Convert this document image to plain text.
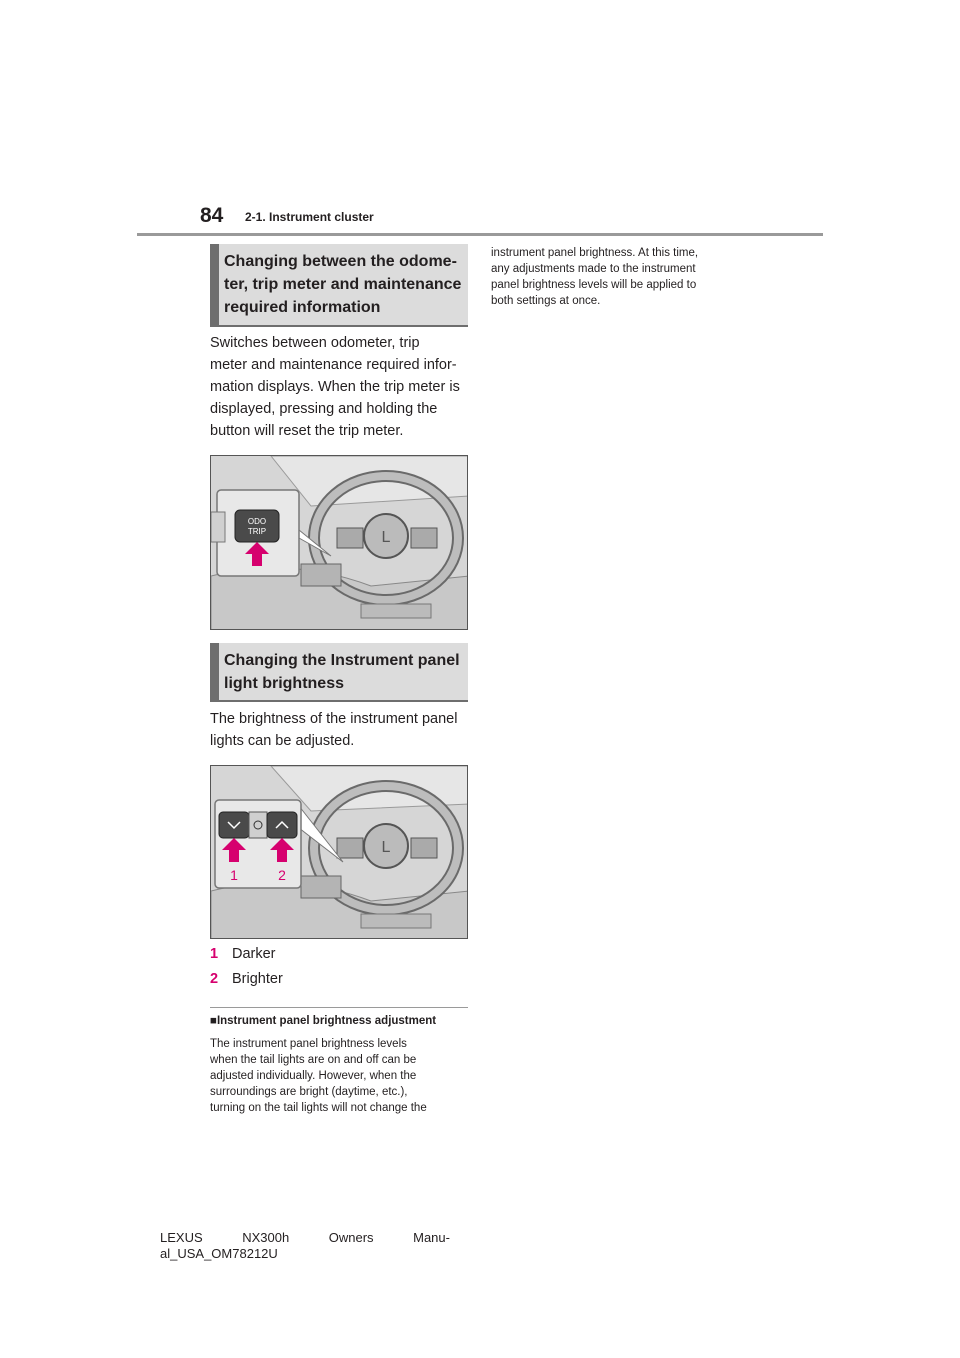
84 2-1. Instrument cluster
Changing between the odome-
ter, trip meter and maintenance
required information
Switches between odometer, trip
meter and maintenance required infor-
mation displays. When the trip meter is
displayed, pressing and holding the
button will reset the trip meter.
L
ODO
TRIP
Changing the Instrument panel
light brightness
The brightness of the instrument panel
lights can be adjusted.
L
1	2
1 Darker
2 Brighter
■Instrument panel brightness adjustment
The instrument panel brightness levels
when the tail lights are on and off can be
adjusted individually. However, when the
surroundings are bright (daytime, etc.),
turning on the tail lights will not change the
instrument panel brightness. At this time,
any adjustments made to the instrument
panel brightness levels will be applied to
both settings at once.
LEXUS	NX300h	Owners	Manu-
al_USA_OM78212U
